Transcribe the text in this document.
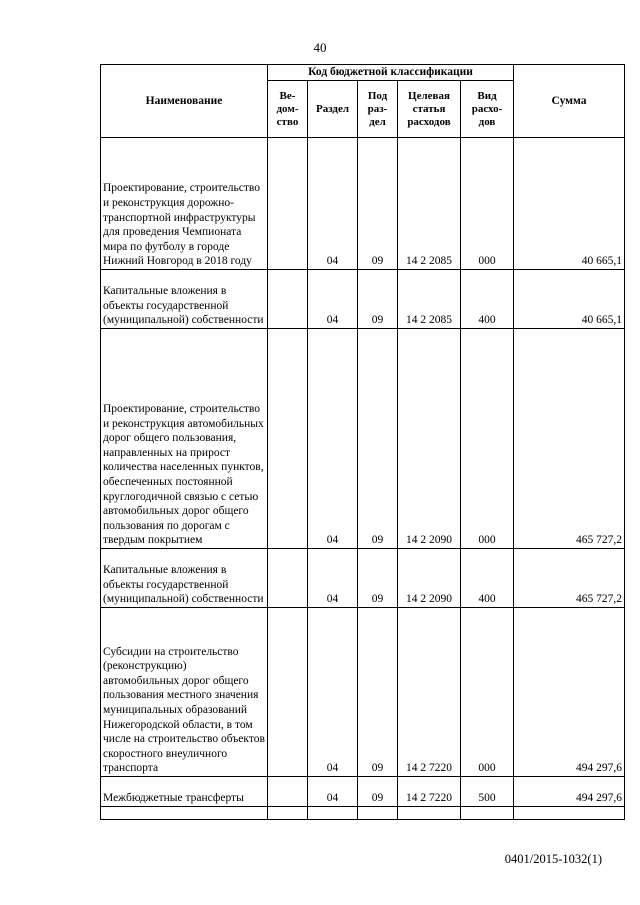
40
Наименование	Код бюджетной классификации					Сумма
	Ве- дом- ство	Раздел	Под раз- дел	Целевая статья расходов	Вид расхо- дов	
Проектирование, строительство и реконструкция дорожно-транспортной инфраструктуры для проведения Чемпионата мира по футболу в городе Нижний Новгород в 2018 году		04	09	14 2 2085	000	40 665,1
Капитальные вложения в объекты государственной (муниципальной) собственности		04	09	14 2 2085	400	40 665,1
Проектирование, строительство и реконструкция автомобильных дорог общего пользования, направленных на прирост количества населенных пунктов, обеспеченных постоянной круглогодичной связью с сетью автомобильных дорог общего пользования по дорогам с твердым покрытием		04	09	14 2 2090	000	465 727,2
Капитальные вложения в объекты государственной (муниципальной) собственности		04	09	14 2 2090	400	465 727,2
Субсидии на строительство (реконструкцию) автомобильных дорог общего пользования местного значения муниципальных образований Нижегородской области, в том числе на строительство объектов скоростного внеуличного транспорта		04	09	14 2 7220	000	494 297,6
Межбюджетные трансферты		04	09	14 2 7220	500	494 297,6

0401/2015-1032(1)
